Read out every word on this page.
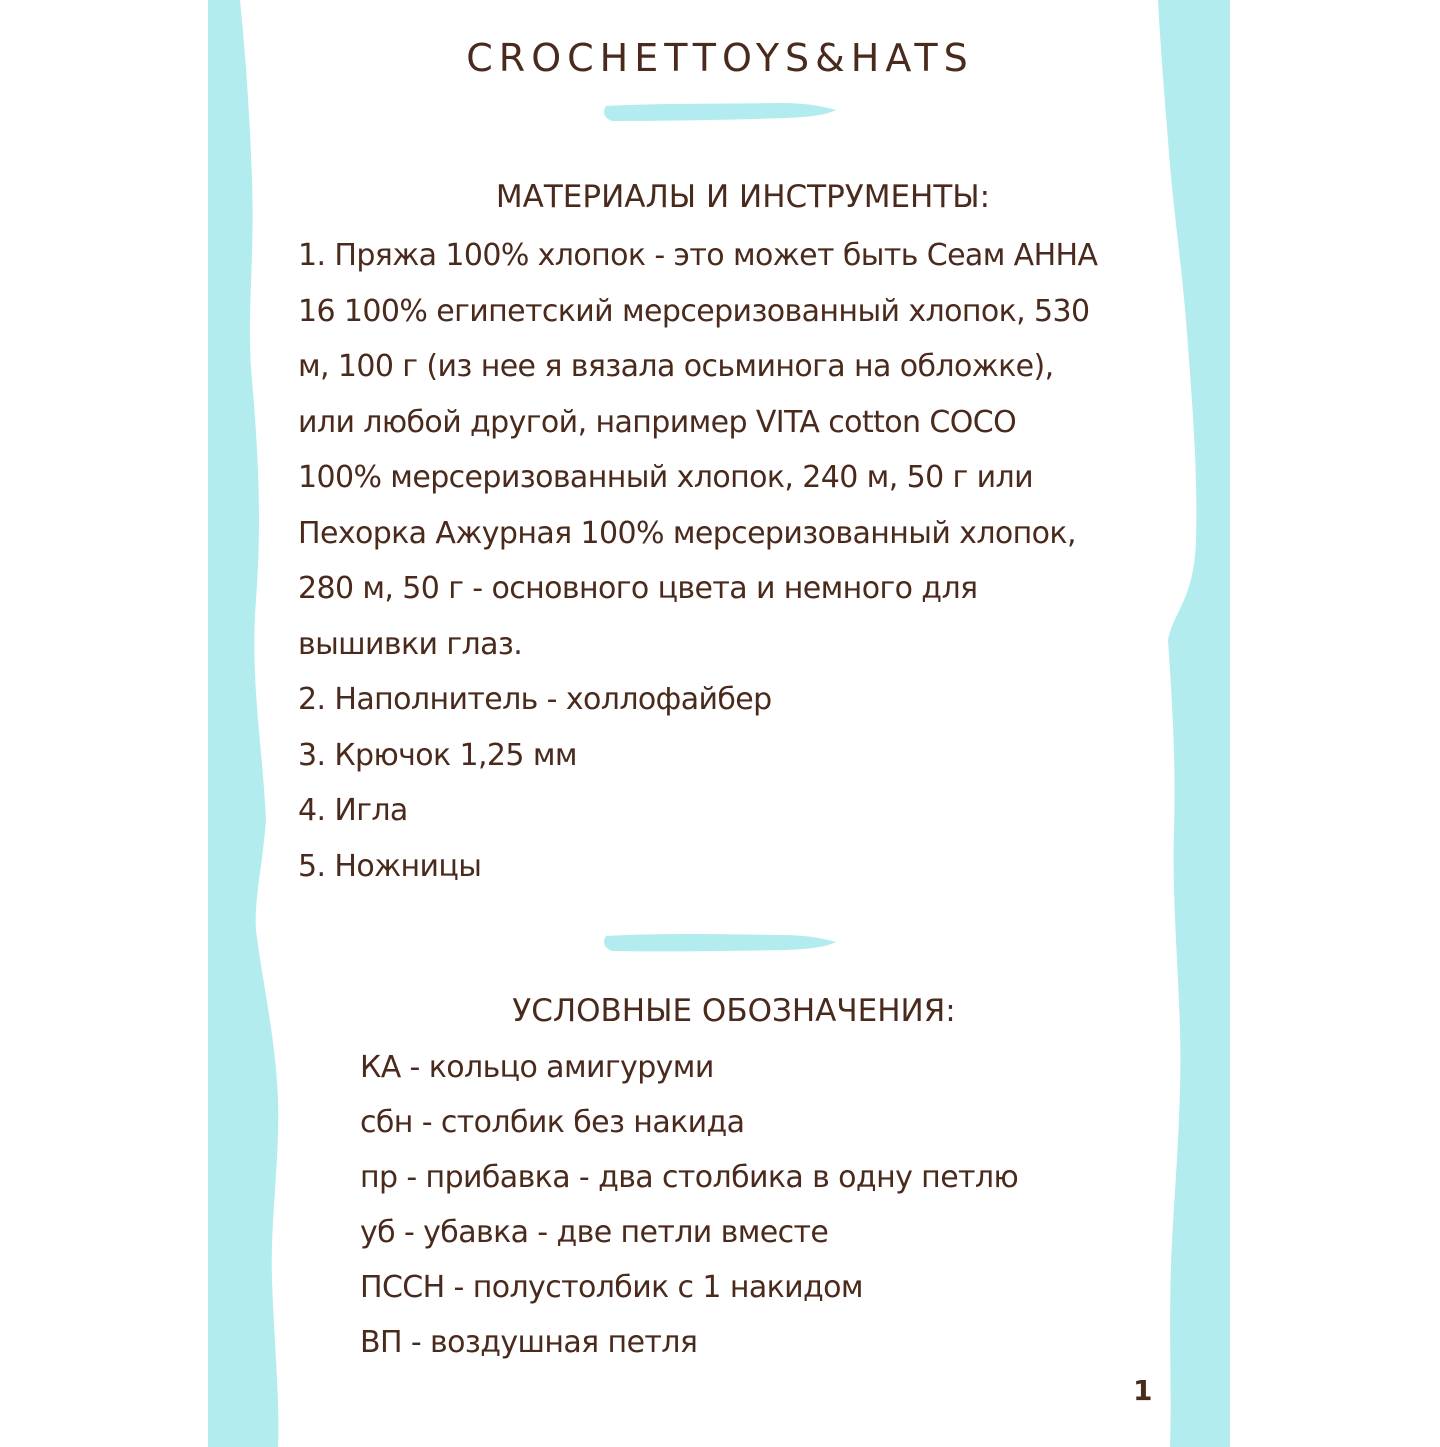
CROCHETTOYS&HATS
МАТЕРИАЛЫ И ИНСТРУМЕНТЫ:
1. Пряжа 100% хлопок - это может быть Сеам АННА
16 100% египетский мерсеризованный хлопок, 530
м, 100 г (из нее я вязала осьминога на обложке),
или любой другой, например VITA cotton COCO
100% мерсеризованный хлопок, 240 м, 50 г или
Пехорка Ажурная 100% мерсеризованный хлопок,
280 м, 50 г - основного цвета и немного для
вышивки глаз.
2. Наполнитель - холлофайбер
3. Крючок 1,25 мм
4. Игла
5. Ножницы
УСЛОВНЫЕ ОБОЗНАЧЕНИЯ:
КА - кольцо амигуруми
сбн - столбик без накида
пр - прибавка - два столбика в одну петлю
уб - убавка - две петли вместе
ПССН - полустолбик с 1 накидом
ВП - воздушная петля
1
